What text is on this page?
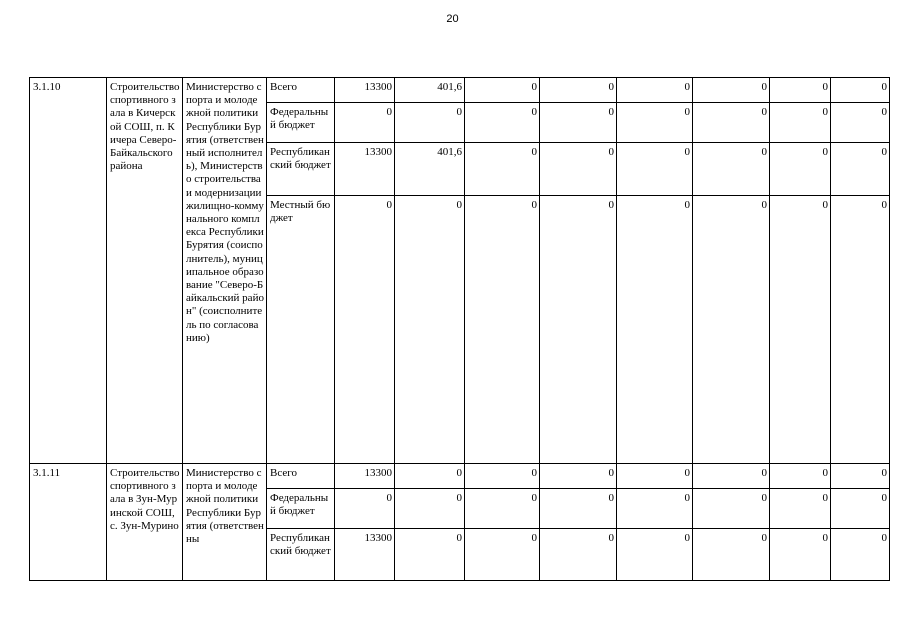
20
3.1.10	Строительство спортивного зала в Кичерской СОШ, п. Кичера Северо-Байкальского района	Министерство спорта и молодежной политики Республики Бурятия (ответственный исполнитель), Министерство строительства и модернизации жилищно-коммунального комплекса Республики Бурятия (соисполнитель), муниципальное образование "Северо-Байкальский район" (соисполнитель по согласованию)	Всего	13300	401,6	0	0	0	0	0	0
			Федеральный бюджет	0	0	0	0	0	0	0	0
			Республиканский бюджет	13300	401,6	0	0	0	0	0	0
			Местный бюджет	0	0	0	0	0	0	0	0
3.1.11	Строительство спортивного зала в Зун-Муринской СОШ, с. Зун-Мурино	Министерство спорта и молодежной политики Республики Бурятия (ответственны	Всего	13300	0	0	0	0	0	0	0
			Федеральный бюджет	0	0	0	0	0	0	0	0
			Республиканский бюджет	13300	0	0	0	0	0	0	0
